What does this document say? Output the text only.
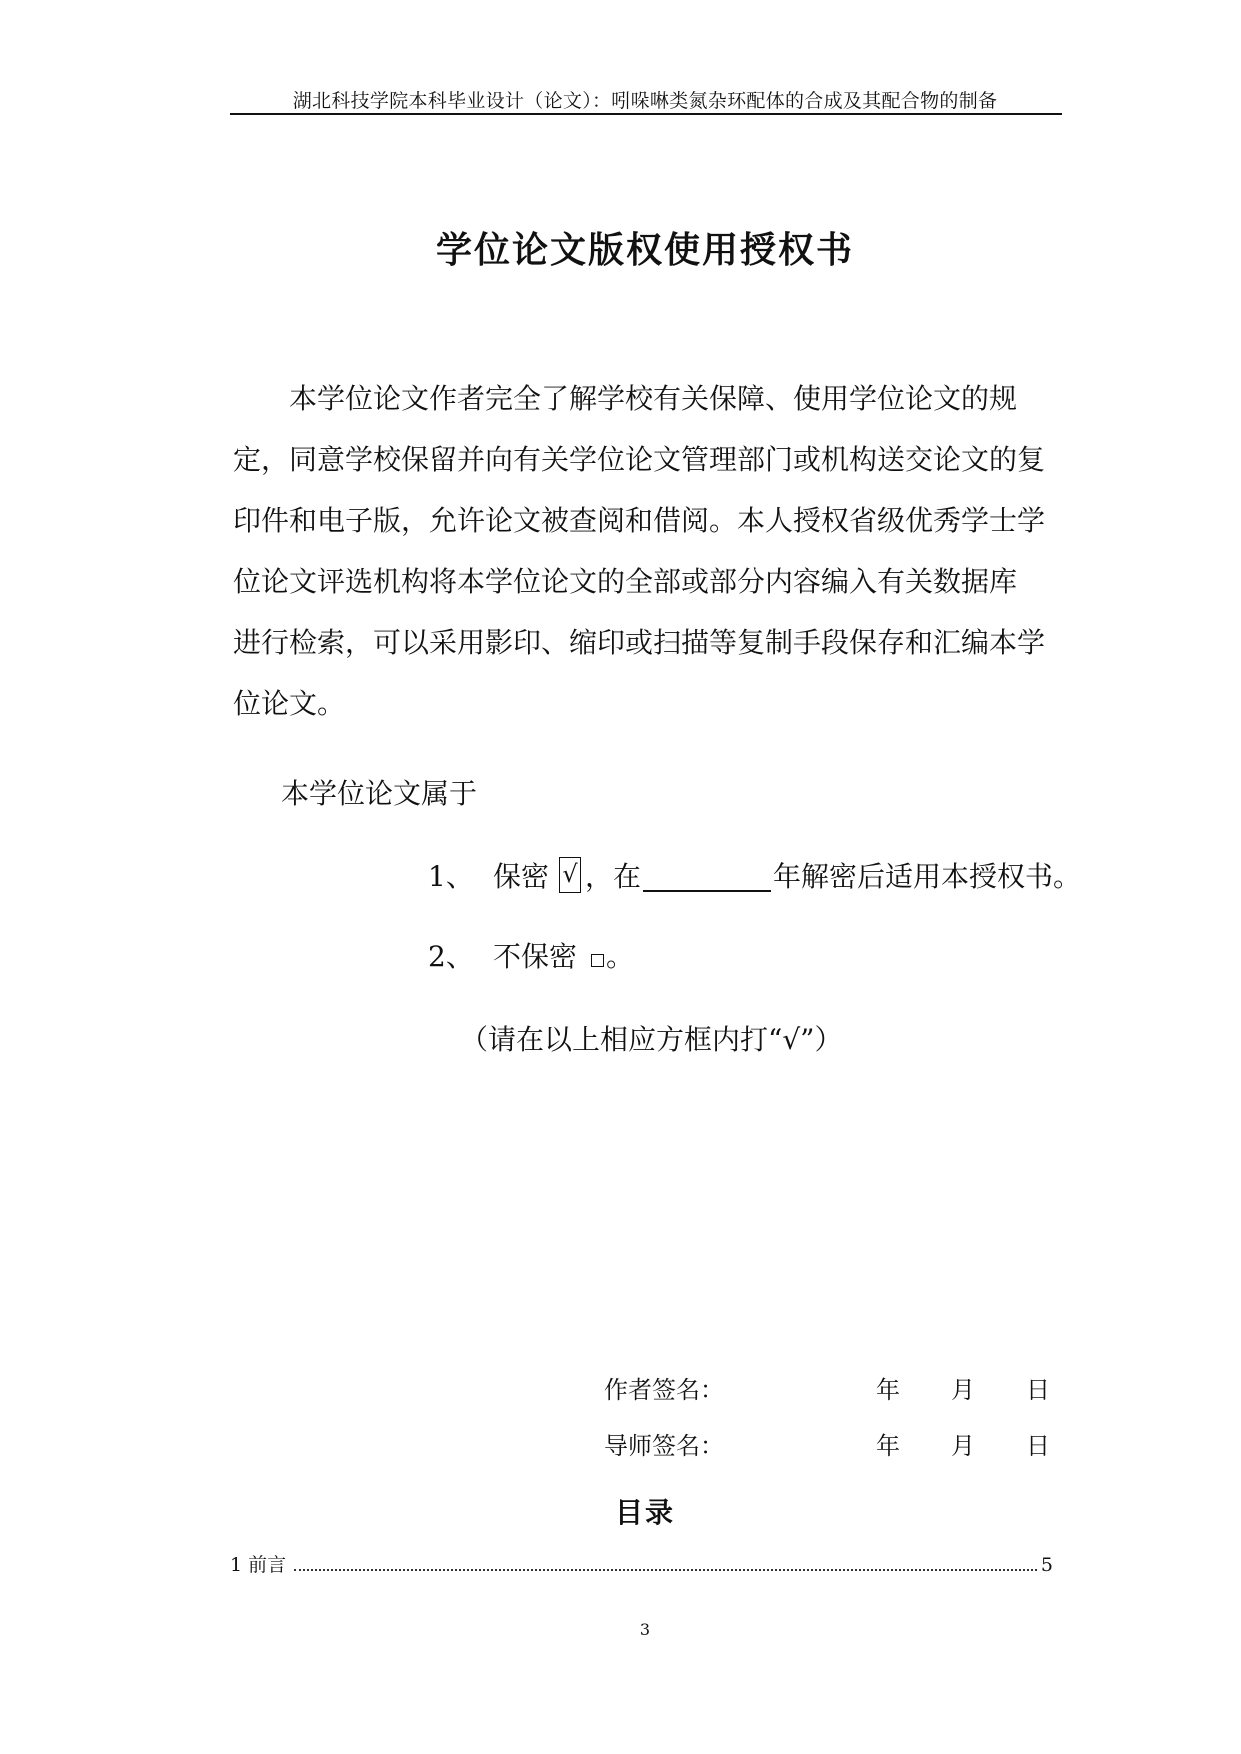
湖北科技学院本科毕业设计（论文）：吲哚啉类氮杂环配体的合成及其配合物的制备
学位论文版权使用授权书
　　本学位论文作者完全了解学校有关保障、使用学位论文的规
定，同意学校保留并向有关学位论文管理部门或机构送交论文的复
印件和电子版，允许论文被查阅和借阅。本人授权省级优秀学士学
位论文评选机构将本学位论文的全部或部分内容编入有关数据库
进行检索，可以采用影印、缩印或扫描等复制手段保存和汇编本学
位论文。
本学位论文属于
1、 保密 √ ，在	年解密后适用本授权书。
2、 不保密 。
（请在以上相应方框内打“√”）
作者签名：	年 月 日
导师签名：	年 月 日
目录
1 前言	5
3
